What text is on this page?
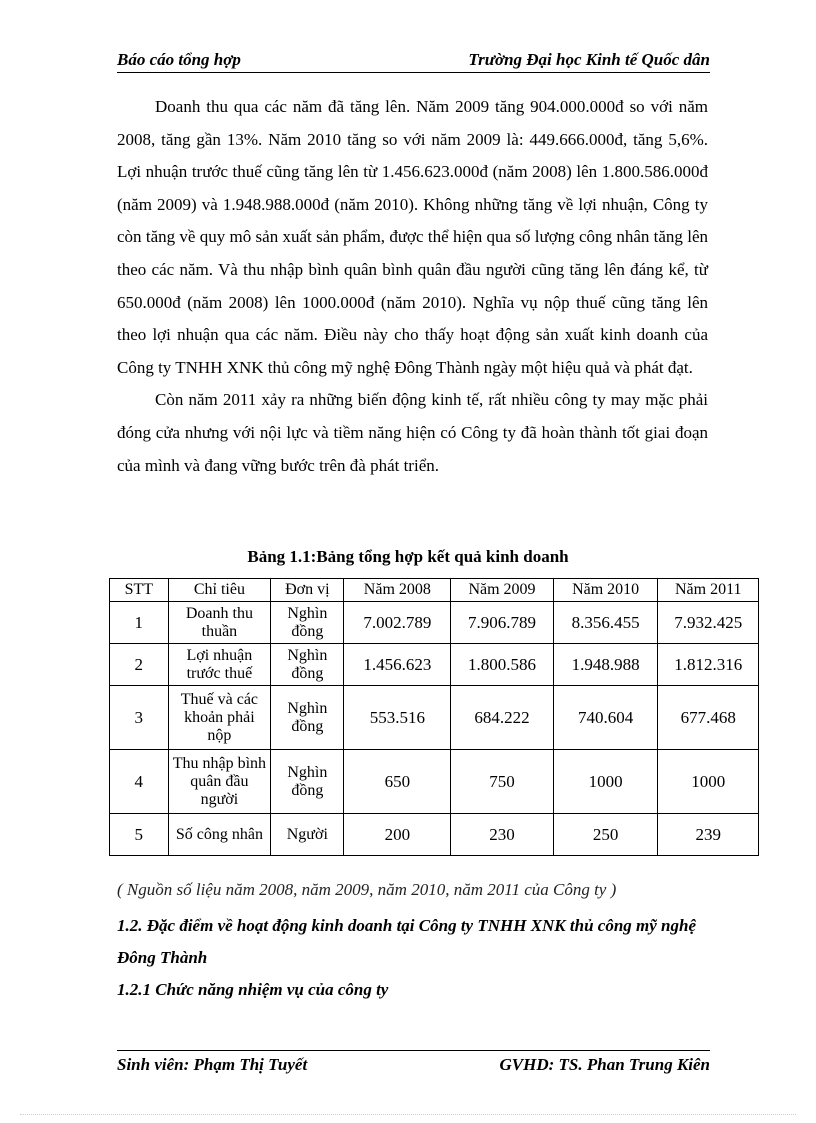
Báo cáo tổng hợp	Trường Đại học Kinh tế Quốc dân

Doanh thu qua các năm đã tăng lên. Năm 2009 tăng 904.000.000đ so với năm 2008, tăng gần 13%. Năm 2010 tăng so với năm 2009 là: 449.666.000đ, tăng 5,6%. Lợi nhuận trước thuế cũng tăng lên từ 1.456.623.000đ (năm 2008) lên 1.800.586.000đ (năm 2009) và 1.948.988.000đ (năm 2010). Không những tăng về lợi nhuận, Công ty còn tăng về quy mô sản xuất sản phẩm, được thể hiện qua số lượng công nhân tăng lên theo các năm. Và thu nhập bình quân bình quân đầu người cũng tăng lên đáng kể, từ 650.000đ (năm 2008) lên 1000.000đ (năm 2010). Nghĩa vụ nộp thuế cũng tăng lên theo lợi nhuận qua các năm. Điều này cho thấy hoạt động sản xuất kinh doanh của Công ty TNHH XNK thủ công mỹ nghệ Đông Thành ngày một hiệu quả và phát đạt.

Còn năm 2011 xảy ra những biến động kinh tế, rất nhiều công ty may mặc phải đóng cửa nhưng với nội lực và tiềm năng hiện có Công ty đã hoàn thành tốt giai đoạn của mình và đang vững bước trên đà phát triển.

Bảng 1.1:Bảng tổng hợp kết quả kinh doanh
STT	Chỉ tiêu	Đơn vị	Năm 2008	Năm 2009	Năm 2010	Năm 2011
1	Doanh thu thuần	Nghìn đồng	7.002.789	7.906.789	8.356.455	7.932.425
2	Lợi nhuận trước thuế	Nghìn đồng	1.456.623	1.800.586	1.948.988	1.812.316
3	Thuế và các khoản phải nộp	Nghìn đồng	553.516	684.222	740.604	677.468
4	Thu nhập bình quân đầu người	Nghìn đồng	650	750	1000	1000
5	Số công nhân	Người	200	230	250	239
( Nguồn số liệu năm 2008, năm 2009, năm 2010, năm 2011 của Công ty )
1.2. Đặc điểm về hoạt động kinh doanh tại Công ty TNHH XNK thủ công mỹ nghệ Đông Thành
1.2.1 Chức năng nhiệm vụ của công ty
Sinh viên: Phạm Thị Tuyết	GVHD: TS. Phan Trung Kiên
